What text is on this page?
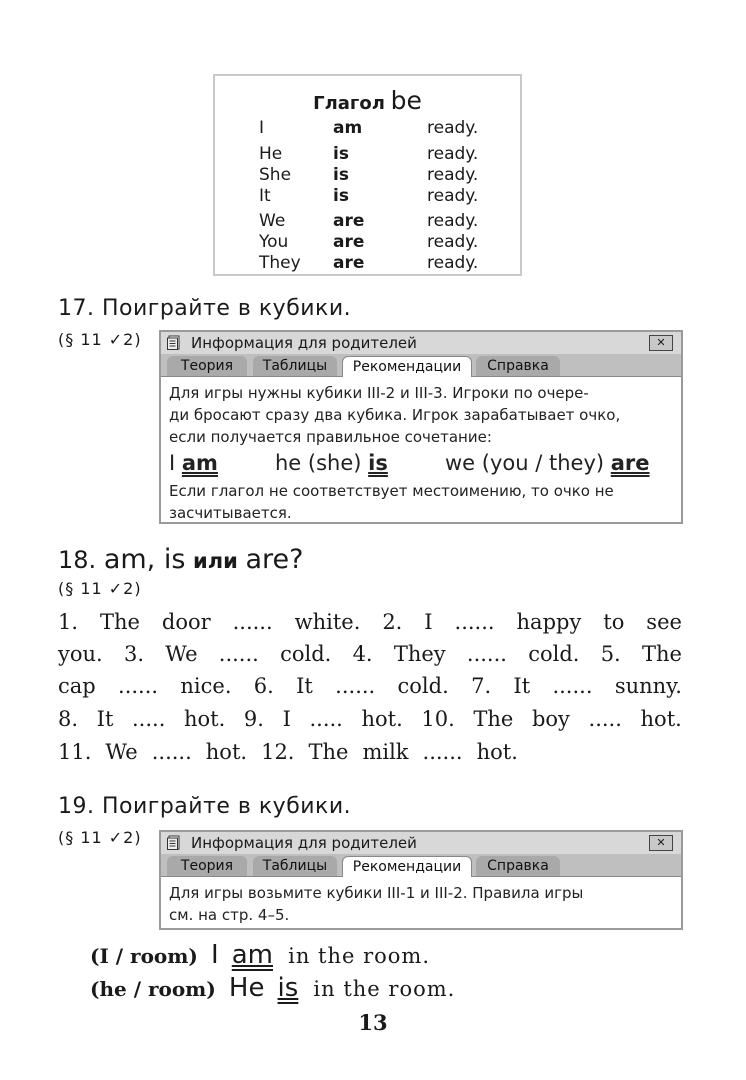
Глагол be
I	am	ready.
He	is	ready.
She is	ready.
It	is	ready.
We	are	ready.
You	are	ready.
They are	ready.
17. Поиграйте в кубики.
(§ 11 ✓2)	Информация для родителей	✕
Теория	Таблицы	Рекомендации	Справка
Для игры нужны кубики III-2 и III-3. Игроки по очере-
ди бросают сразу два кубика. Игрок зарабатывает очко,
если получается правильное сочетание:
I am	he (she) is	we (you / they) are
Если глагол не соответствует местоимению, то очко не
засчитывается.
18. am, is или are?
(§ 11 ✓2)
1. The door ...... white. 2. I ...... happy to see
you. 3. We ...... cold. 4. They ...... cold. 5. The
cap ...... nice. 6. It ...... cold. 7. It ...... sunny.
8. It ..... hot. 9. I ..... hot. 10. The boy ..... hot.
11. We ...... hot. 12. The milk ...... hot.
19. Поиграйте в кубики.
(§ 11 ✓2)	Информация для родителей	✕
Теория	Таблицы	Рекомендации	Справка
Для игры возьмите кубики III-1 и III-2. Правила игры
см. на стр. 4–5.
(I / room) I am in the room.
(he / room) He is in the room.
13
